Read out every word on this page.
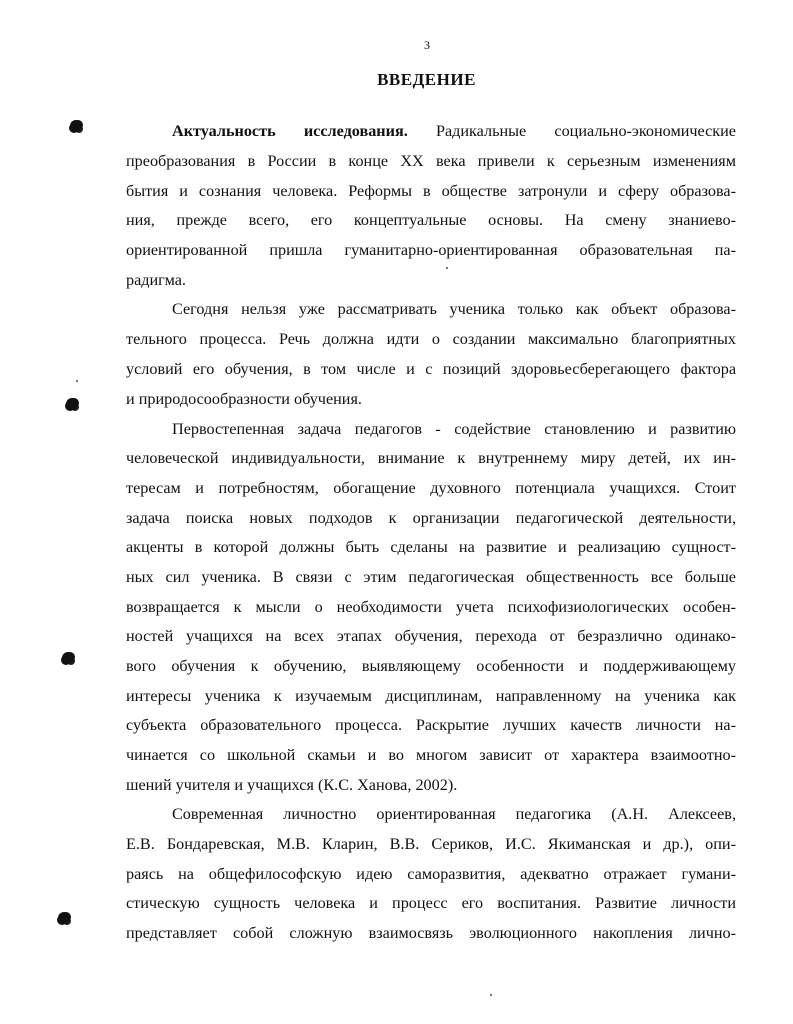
3
ВВЕДЕНИЕ
Актуальность исследования. Радикальные социально-экономические
преобразования в России в конце XX века привели к серьезным изменениям
бытия и сознания человека. Реформы в обществе затронули и сферу образова-
ния, прежде всего, его концептуальные основы. На смену знаниево-
ориентированной пришла гуманитарно-ориентированная образовательная па-
радигма.
Сегодня нельзя уже рассматривать ученика только как объект образова-
тельного процесса. Речь должна идти о создании максимально благоприятных
условий его обучения, в том числе и с позиций здоровьесберегающего фактора
и природосообразности обучения.
Первостепенная задача педагогов - содействие становлению и развитию
человеческой индивидуальности, внимание к внутреннему миру детей, их ин-
тересам и потребностям, обогащение духовного потенциала учащихся. Стоит
задача поиска новых подходов к организации педагогической деятельности,
акценты в которой должны быть сделаны на развитие и реализацию сущност-
ных сил ученика. В связи с этим педагогическая общественность все больше
возвращается к мысли о необходимости учета психофизиологических особен-
ностей учащихся на всех этапах обучения, перехода от безразлично одинако-
вого обучения к обучению, выявляющему особенности и поддерживающему
интересы ученика к изучаемым дисциплинам, направленному на ученика как
субъекта образовательного процесса. Раскрытие лучших качеств личности на-
чинается со школьной скамьи и во многом зависит от характера взаимоотно-
шений учителя и учащихся (К.С. Ханова, 2002).
Современная личностно ориентированная педагогика (А.Н. Алексеев,
Е.В. Бондаревская, М.В. Кларин, В.В. Сериков, И.С. Якиманская и др.), опи-
раясь на общефилософскую идею саморазвития, адекватно отражает гумани-
стическую сущность человека и процесс его воспитания. Развитие личности
представляет собой сложную взаимосвязь эволюционного накопления лично-
